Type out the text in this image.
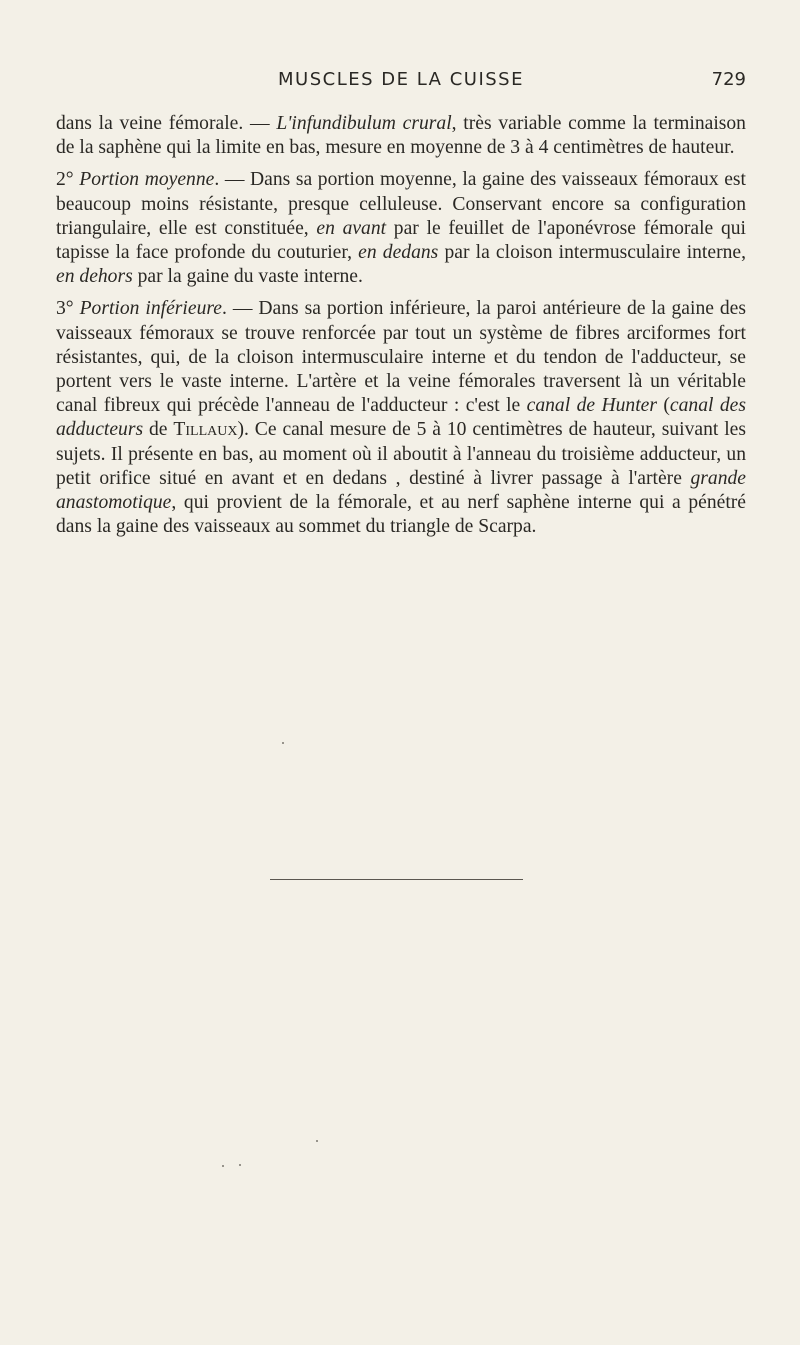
MUSCLES DE LA CUISSE	729

dans la veine fémorale. — L'infundibulum crural, très variable comme la terminaison de la saphène qui la limite en bas, mesure en moyenne de 3 à 4 centimètres de hauteur.

2° Portion moyenne. — Dans sa portion moyenne, la gaine des vaisseaux fémoraux est beaucoup moins résistante, presque celluleuse. Conservant encore sa configuration triangulaire, elle est constituée, en avant par le feuillet de l'aponévrose fémorale qui tapisse la face profonde du couturier, en dedans par la cloison intermusculaire interne, en dehors par la gaine du vaste interne.

3° Portion inférieure. — Dans sa portion inférieure, la paroi antérieure de la gaine des vaisseaux fémoraux se trouve renforcée par tout un système de fibres arciformes fort résistantes, qui, de la cloison intermusculaire interne et du tendon de l'adducteur, se portent vers le vaste interne. L'artère et la veine fémorales traversent là un véritable canal fibreux qui précède l'anneau de l'adducteur : c'est le canal de Hunter (canal des adducteurs de Tillaux). Ce canal mesure de 5 à 10 centimètres de hauteur, suivant les sujets. Il présente en bas, au moment où il aboutit à l'anneau du troisième adducteur, un petit orifice situé en avant et en dedans , destiné à livrer passage à l'artère grande anastomotique, qui provient de la fémorale, et au nerf saphène interne qui a pénétré dans la gaine des vaisseaux au sommet du triangle de Scarpa.
